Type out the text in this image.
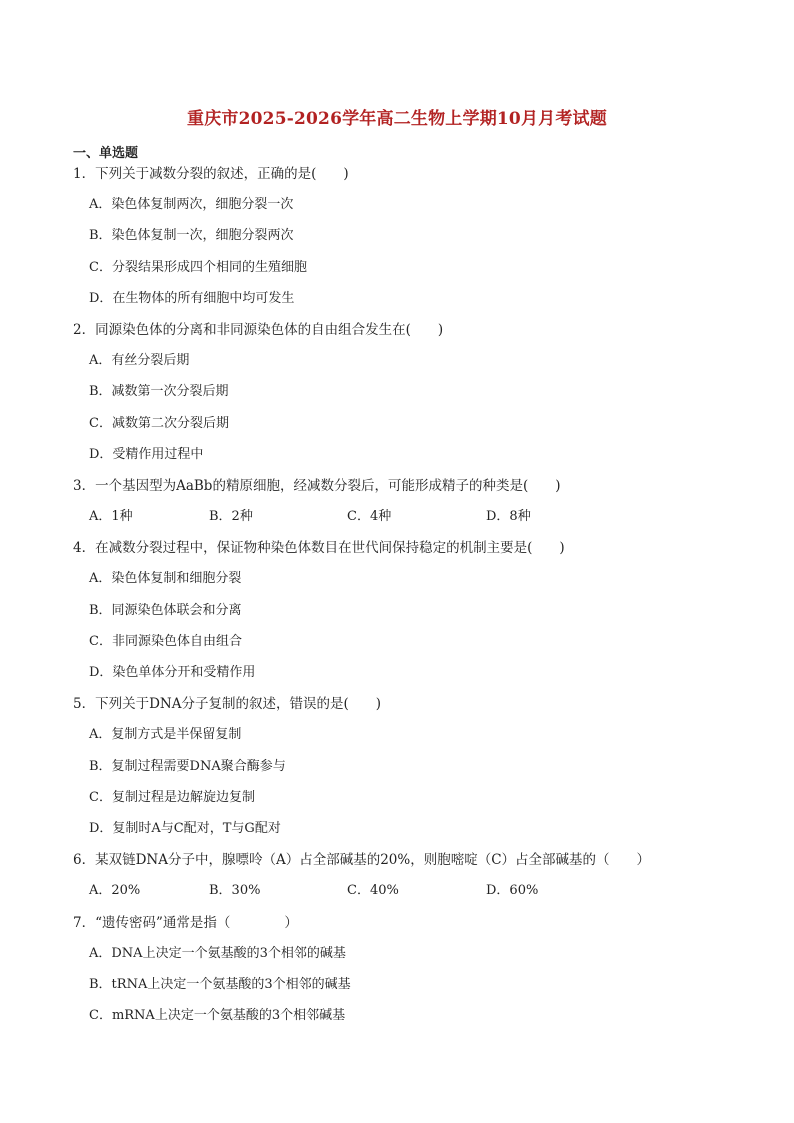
重庆市2025-2026学年高二生物上学期10月月考试题
一、单选题
1．下列关于减数分裂的叙述，正确的是(　　)
A．染色体复制两次，细胞分裂一次
B．染色体复制一次，细胞分裂两次
C．分裂结果形成四个相同的生殖细胞
D．在生物体的所有细胞中均可发生
2．同源染色体的分离和非同源染色体的自由组合发生在(　　)
A．有丝分裂后期
B．减数第一次分裂后期
C．减数第二次分裂后期
D．受精作用过程中
3．一个基因型为AaBb的精原细胞，经减数分裂后，可能形成精子的种类是(　　)
A．1种	B．2种	C．4种	D．8种
4．在减数分裂过程中，保证物种染色体数目在世代间保持稳定的机制主要是(　　)
A．染色体复制和细胞分裂
B．同源染色体联会和分离
C．非同源染色体自由组合
D．染色单体分开和受精作用
5．下列关于DNA分子复制的叙述，错误的是(　　)
A．复制方式是半保留复制
B．复制过程需要DNA聚合酶参与
C．复制过程是边解旋边复制
D．复制时A与C配对，T与G配对
6．某双链DNA分子中，腺嘌呤（A）占全部碱基的20%，则胞嘧啶（C）占全部碱基的（　　）
A．20%	B．30%	C．40%	D．60%
7．“遗传密码”通常是指（　　　　）
A．DNA上决定一个氨基酸的3个相邻的碱基
B．tRNA上决定一个氨基酸的3个相邻的碱基
C．mRNA上决定一个氨基酸的3个相邻碱基
